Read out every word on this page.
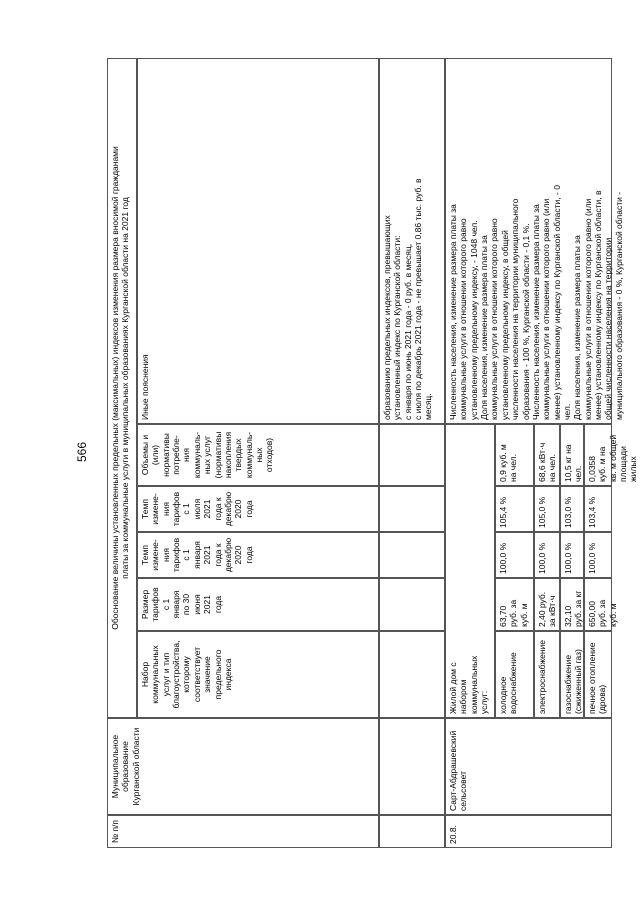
566
№ п/п
Муниципальное
образование
Курганской области
Обоснование величины установленных предельных (максимальных) индексов изменения размера вносимой гражданами
платы за коммунальные услуги в муниципальных образованиях Курганской области на 2021 год
Набор
коммунальных
услуг и тип
благоустройства,
которому
соответствует
значение
предельного
индекса
Размер
тарифов
с 1
января
по 30
июня
2021
года
Темп
измене-
ния
тарифов
с 1
января
2021
года к
декабрю
2020
года
Темп
измене-
ния
тарифов
с 1
июля
2021
года к
декабрю
2020
года
Объемы и
(или)
нормативы
потребле-
ния
коммуналь-
ных услуг
(нормативы
накопления
твердых
коммуналь-
ных
отходов)
Иные пояснения	образованию предельных индексов, превышающих
установленный индекс по Курганской области:
с января по июнь 2021 года - 0 руб. в месяц,
с июля по декабрь 2021 года - не превышает 0,86 тыс. руб. в
месяц.
20.8.
Сарт-Абдрашевский
сельсовет
Жилой дом с
набором
коммунальных
услуг:
Численность населения, изменение размера платы за
коммунальные услуги в отношении которого равно
установленному предельному индексу, - 1048 чел.
Доля населения, изменение размера платы за
коммунальные услуги в отношении которого равно
установленному предельному индексу, в общей
численности населения на территории муниципального
образования - 100 %, Курганской области - 0,1 %.
Численность населения, изменение размера платы за
коммунальные услуги в отношении которого равно (или
менее) установленному индексу по Курганской области, - 0
чел.
Доля населения, изменение размера платы за
коммунальные услуги в отношении которого равно (или
менее) установленному индексу по Курганской области, в
общей численности населения на территории
муниципального образования - 0 %, Курганской области -
холодное
водоснабжение
63,70
руб. за
куб. м
100,0 %
105,4 %
0,9 куб. м
на чел.
электроснабжение
2,40 руб.
за кВт·ч
100,0 %
105,0 %
68,6 кВт·ч
на чел.
газоснабжение
(сжиженный газ)
32,10
руб. за кг
100,0 %
103,0 %
10,5 кг на
чел.
печное отопление
(дрова)
650,00
руб. за
куб. м
100,0 %
103,4 %
0,0358
куб. м на
кв. м общей
площади
жилых
